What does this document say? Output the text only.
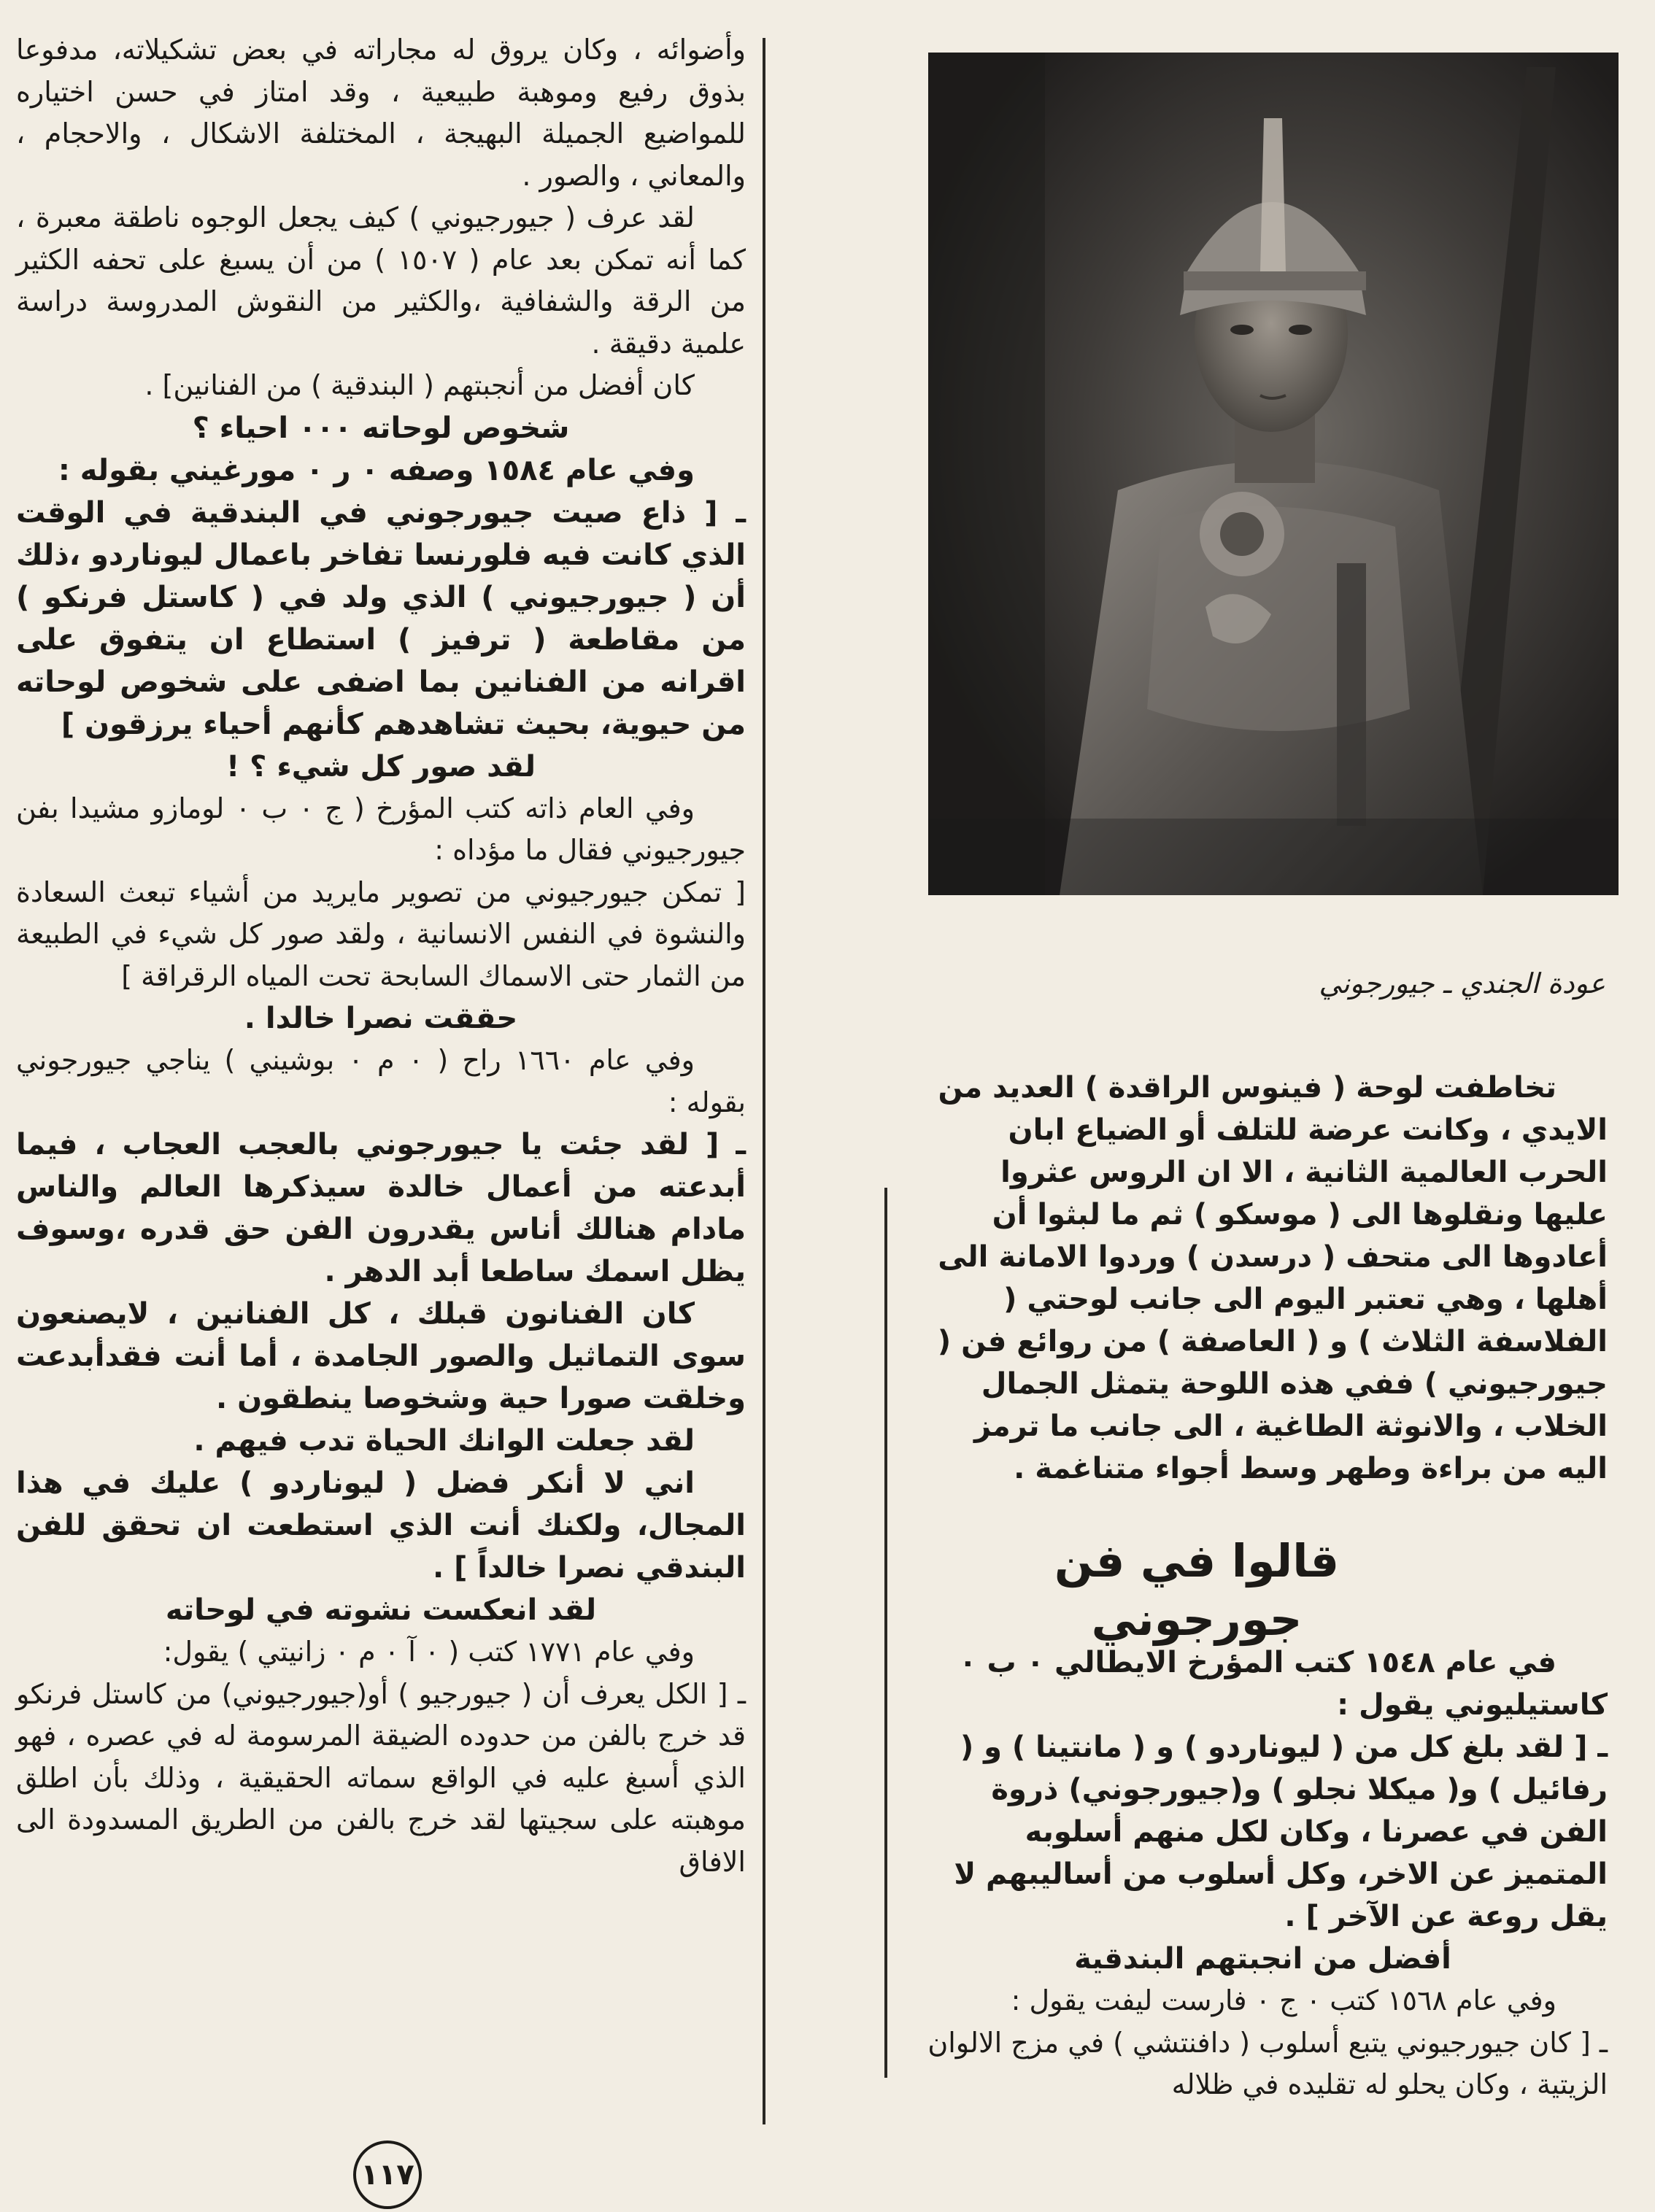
وأضوائه ، وكان يروق له مجاراته في بعض تشكيلاته، مدفوعا بذوق رفيع وموهبة طبيعية ، وقد امتاز في حسن اختياره للمواضيع الجميلة البهيجة ، المختلفة الاشكال ، والاحجام ، والمعاني ، والصور .

لقد عرف ( جيورجيوني ) كيف يجعل الوجوه ناطقة معبرة ، كما أنه تمكن بعد عام ( ١٥٠٧ ) من أن يسبغ على تحفه الكثير من الرقة والشفافية ،والكثير من النقوش المدروسة دراسة علمية دقيقة .

كان أفضل من أنجبتهم ( البندقية ) من الفنانين] .

شخوص لوحاته ٠٠٠ احياء ؟

وفي عام ١٥٨٤ وصفه ٠ ر ٠ مورغيني بقوله :

ـ [ ذاع صيت جيورجوني في البندقية في الوقت الذي كانت فيه فلورنسا تفاخر باعمال ليوناردو ،ذلك أن ( جيورجيوني ) الذي ولد في ( كاستل فرنكو ) من مقاطعة ( ترفيز ) استطاع ان يتفوق على اقرانه من الفنانين بما اضفى على شخوص لوحاته من حيوية، بحيث تشاهدهم كأنهم أحياء يرزقون ]

لقد صور كل شيء ؟ !

وفي العام ذاته كتب المؤرخ ( ج ٠ ب ٠ لومازو مشيدا بفن جيورجيوني فقال ما مؤداه :

[ تمكن جيورجيوني من تصوير مايريد من أشياء تبعث السعادة والنشوة في النفس الانسانية ، ولقد صور كل شيء في الطبيعة من الثمار حتى الاسماك السابحة تحت المياه الرقراقة ]

حققت نصرا خالدا .

وفي عام ١٦٦٠ راح ( ٠ م ٠ بوشيني ) يناجي جيورجوني بقوله :

ـ [ لقد جئت يا جيورجوني بالعجب العجاب ، فيما أبدعته من أعمال خالدة سيذكرها العالم والناس مادام هنالك أناس يقدرون الفن حق قدره ،وسوف يظل اسمك ساطعا أبد الدهر .

كان الفنانون قبلك ، كل الفنانين ، لايصنعون سوى التماثيل والصور الجامدة ، أما أنت فقدأبدعت وخلقت صورا حية وشخوصا ينطقون .

لقد جعلت الوانك الحياة تدب فيهم .

اني لا أنكر فضل ( ليوناردو ) عليك في هذا المجال، ولكنك أنت الذي استطعت ان تحقق للفن البندقي نصرا خالداً ] .

لقد انعكست نشوته في لوحاته

وفي عام ١٧٧١ كتب ( ٠ آ ٠ م ٠ زانيتي ) يقول:

ـ [ الكل يعرف أن ( جيورجيو ) أو(جيورجيوني) من كاستل فرنكو قد خرج بالفن من حدوده الضيقة المرسومة له في عصره ، فهو الذي أسبغ عليه في الواقع سماته الحقيقية ، وذلك بأن اطلق موهبته على سجيتها لقد خرج بالفن من الطريق المسدودة الى الافاق

عودة الجندي ـ جيورجوني

تخاطفت لوحة ( فينوس الراقدة ) العديد من الايدي ، وكانت عرضة للتلف أو الضياع ابان الحرب العالمية الثانية ، الا ان الروس عثروا عليها ونقلوها الى ( موسكو ) ثم ما لبثوا أن أعادوها الى متحف ( درسدن ) وردوا الامانة الى أهلها ، وهي تعتبر اليوم الى جانب لوحتي ( الفلاسفة الثلاث ) و ( العاصفة ) من روائع فن ( جيورجيوني ) ففي هذه اللوحة يتمثل الجمال الخلاب ، والانوثة الطاغية ، الى جانب ما ترمز اليه من براءة وطهر وسط أجواء متناغمة .

قالوا في فن جورجوني

في عام ١٥٤٨ كتب المؤرخ الايطالي ٠ ب ٠ كاستيليوني يقول :

ـ [ لقد بلغ كل من ( ليوناردو ) و ( مانتينا ) و ( رفائيل ) و( ميكلا نجلو ) و(جيورجوني) ذروة الفن في عصرنا ، وكان لكل منهم أسلوبه المتميز عن الاخر، وكل أسلوب من أساليبهم لا يقل روعة عن الآخر ] .

أفضل من انجبتهم البندقية

وفي عام ١٥٦٨ كتب ٠ ج ٠ فارست ليفت يقول :

ـ [ كان جيورجيوني يتبع أسلوب ( دافنتشي ) في مزج الالوان الزيتية ، وكان يحلو له تقليده في ظلاله

١١٧
